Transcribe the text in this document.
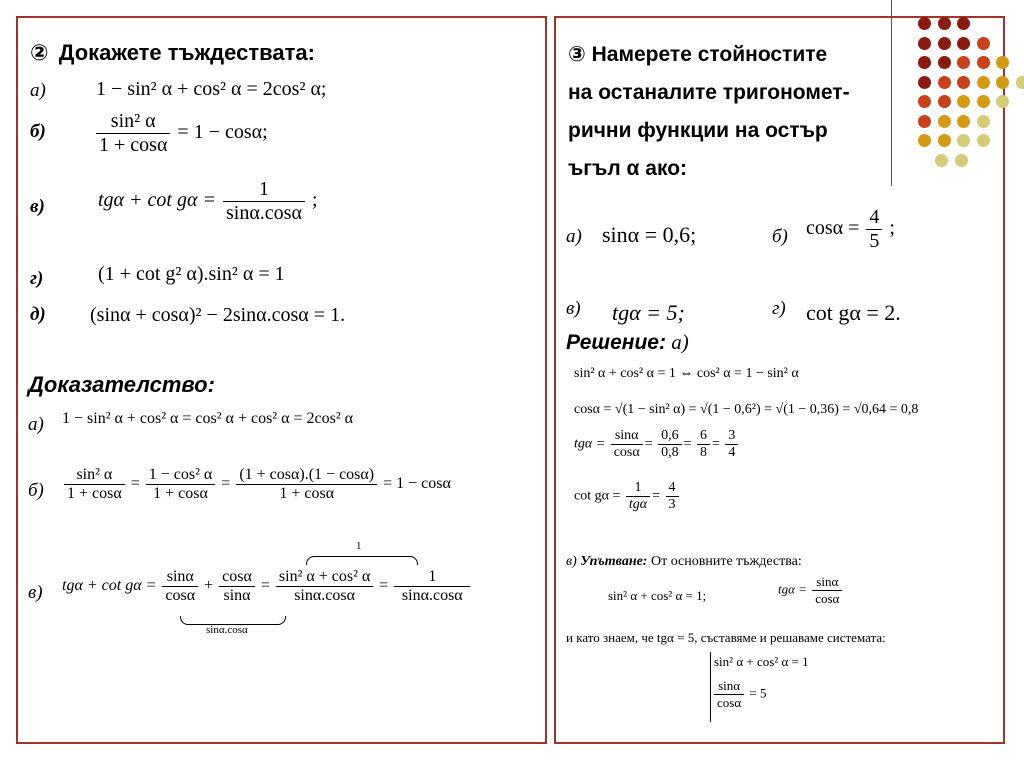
② Докажете тъждествата:
а)	1 − sin² α + cos² α = 2cos² α;
б)	$\frac{\text{sin² α}}{1 + \cos\alpha} = 1 - \cos\alpha$;
в)	$tg\alpha + \cot g\alpha = \frac{1}{\sin\alpha.\cos\alpha}$ ;
г)	(1 + cot g² α).sin² α = 1
д) (sinα + cosα)² − 2sinα.cosα = 1.
Доказателство:
а) 1 − sin² α + cos² α = cos² α + cos² α = 2cos² α
$б) \frac{\text{sin² α}}{1 + \cos\alpha} = \frac{\text{1 − cos² α}}{1 + \cos\alpha} = \frac{(1 + \cos\alpha).(1 - \cos\alpha)}{1 + \cos\alpha} = 1 - \cos\alpha$
в) $tg\alpha + \cot g\alpha = \frac{\sin\alpha}{\cos\alpha} + \frac{\cos\alpha}{\sin\alpha} = \frac{\text{sin² α + cos² α}}{\sin\alpha.\cos\alpha} = \frac{1}{\sin\alpha.\cos\alpha}$
sinα.cosα
1
③ Намерете стойностите
на останалите тригономет-
рични функции на остър
ъгъл α ако:
а) sinα = 0,6;	б) $\cos\alpha = \frac{4}{5}$ ;
в) tgα = 5;	г) cot gα = 2.
Решение: а)
sin² α + cos² α = 1 ⇔ cos² α = 1 − sin² α
cosα = √(1 − sin² α) = √(1 − 0,6²) = √(1 − 0,36) = √0,64 = 0,8
$tg\alpha = \frac{\sin\alpha}{\cos\alpha} = \frac{0,6}{0,8} = \frac{6}{8} = \frac{3}{4}$
$\cot g\alpha = \frac{1}{\text{tgα}} = \frac{4}{3}$
в) Упътване: От основните тъждества:
sin² α + cos² α = 1;	$tg\alpha = \frac{\sin\alpha}{\cos\alpha}$
и като знаем, че tgα = 5, съставяме и решаваме системата:
sin² α + cos² α = 1
$\frac{\sin\alpha}{\cos\alpha} = 5$
